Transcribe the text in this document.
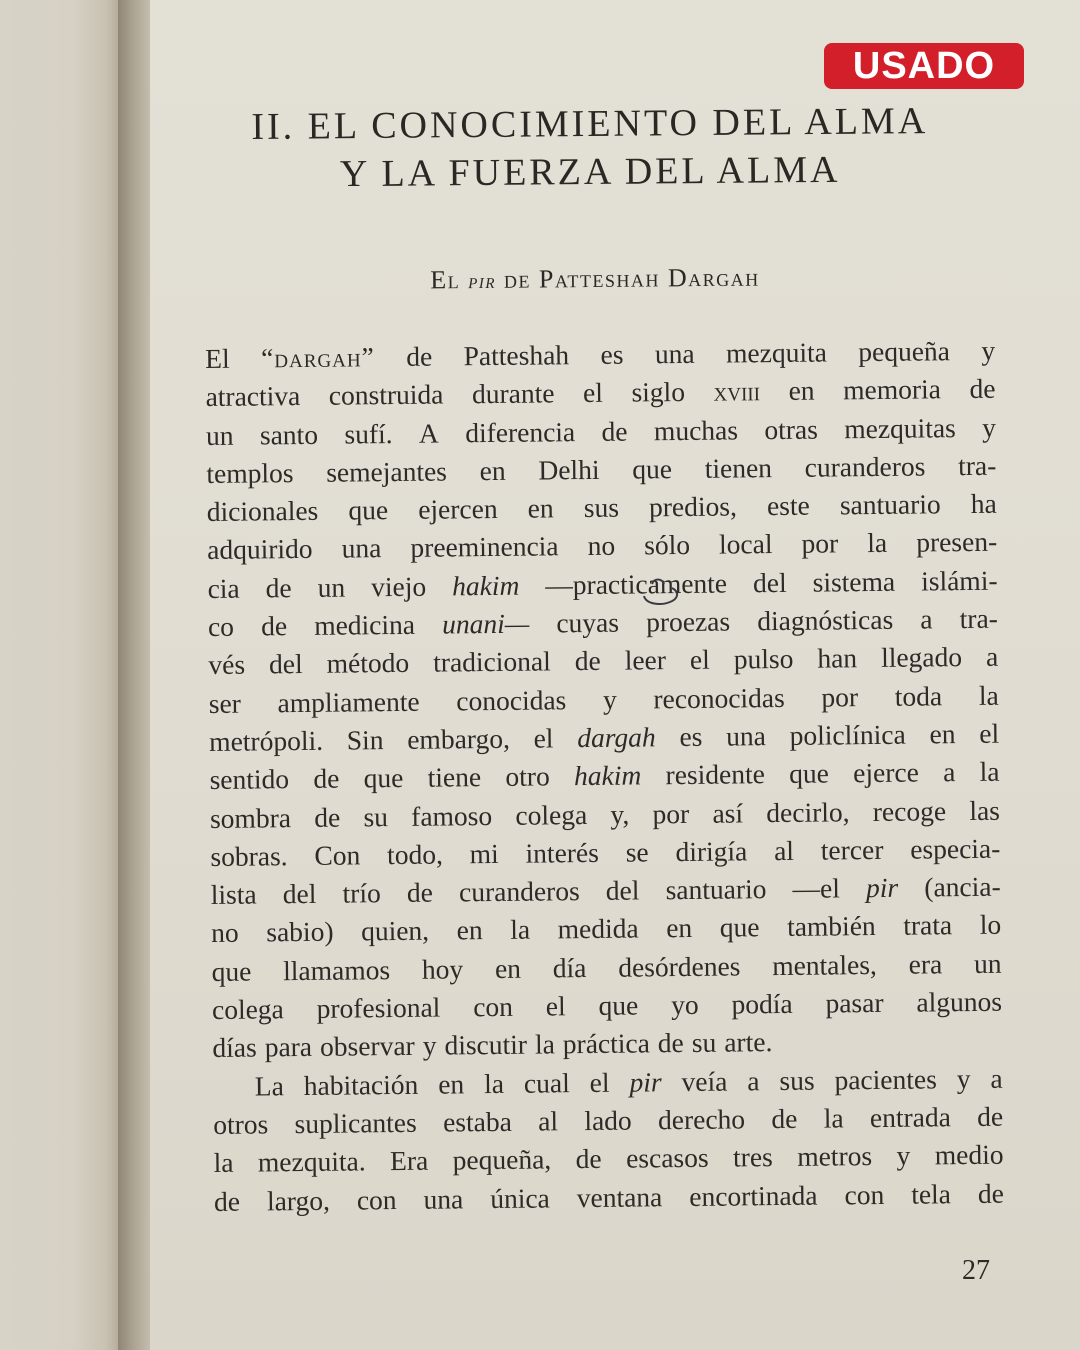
USADO
II. EL CONOCIMIENTO DEL ALMA
Y LA FUERZA DEL ALMA
El pir de Patteshah Dargah
El “dargah” de Patteshah es una mezquita pequeña y
atractiva construida durante el siglo xviii en memoria de
un santo sufí. A diferencia de muchas otras mezquitas y
templos semejantes en Delhi que tienen curanderos tra-
dicionales que ejercen en sus predios, este santuario ha
adquirido una preeminencia no sólo local por la presen-
cia de un viejo hakim —practicamente del sistema islámi-
co de medicina unani— cuyas proezas diagnósticas a tra-
vés del método tradicional de leer el pulso han llegado a
ser ampliamente conocidas y reconocidas por toda la
metrópoli. Sin embargo, el dargah es una policlínica en el
sentido de que tiene otro hakim residente que ejerce a la
sombra de su famoso colega y, por así decirlo, recoge las
sobras. Con todo, mi interés se dirigía al tercer especia-
lista del trío de curanderos del santuario —el pir (ancia-
no sabio) quien, en la medida en que también trata lo
que llamamos hoy en día desórdenes mentales, era un
colega profesional con el que yo podía pasar algunos
días para observar y discutir la práctica de su arte.
La habitación en la cual el pir veía a sus pacientes y a
otros suplicantes estaba al lado derecho de la entrada de
la mezquita. Era pequeña, de escasos tres metros y medio
de largo, con una única ventana encortinada con tela de
27
